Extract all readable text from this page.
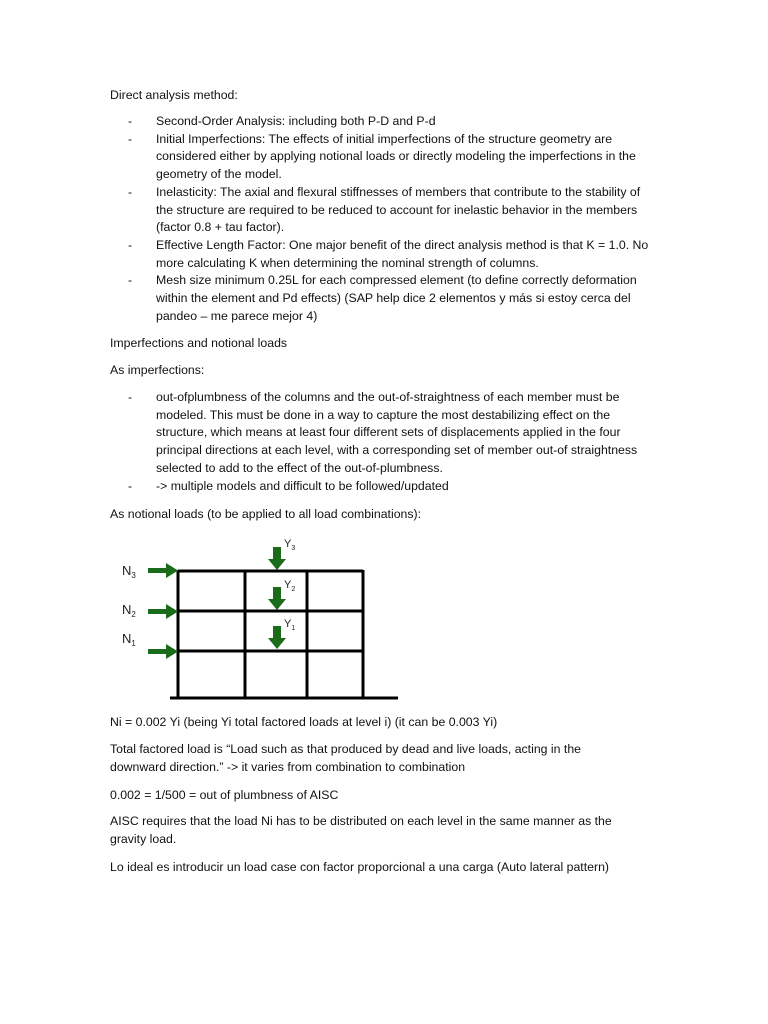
Direct analysis method:

- Second-Order Analysis: including both P-D and P-d
- Initial Imperfections: The effects of initial imperfections of the structure geometry are considered either by applying notional loads or directly modeling the imperfections in the geometry of the model.
- Inelasticity: The axial and flexural stiffnesses of members that contribute to the stability of the structure are required to be reduced to account for inelastic behavior in the members (factor 0.8 + tau factor).
- Effective Length Factor: One major benefit of the direct analysis method is that K = 1.0. No more calculating K when determining the nominal strength of columns.
- Mesh size minimum 0.25L for each compressed element (to define correctly deformation within the element and Pd effects) (SAP help dice 2 elementos y más si estoy cerca del pandeo – me parece mejor 4)

Imperfections and notional loads

As imperfections:

- out-ofplumbness of the columns and the out-of-straightness of each member must be modeled. This must be done in a way to capture the most destabilizing effect on the structure, which means at least four different sets of displacements applied in the four principal directions at each level, with a corresponding set of member out-of straightness selected to add to the effect of the out-of-plumbness.
- -> multiple models and difficult to be followed/updated

As notional loads (to be applied to all load combinations):

$N_3$
$N_2$
$N_1$
$Y_3$
$Y_2$
$Y_1$

Ni = 0.002 Yi (being Yi total factored loads at level i) (it can be 0.003 Yi)

Total factored load is “Load such as that produced by dead and live loads, acting in the downward direction.” -> it varies from combination to combination

0.002 = 1/500 = out of plumbness of AISC

AISC requires that the load Ni has to be distributed on each level in the same manner as the gravity load.

Lo ideal es introducir un load case con factor proporcional a una carga (Auto lateral pattern)
